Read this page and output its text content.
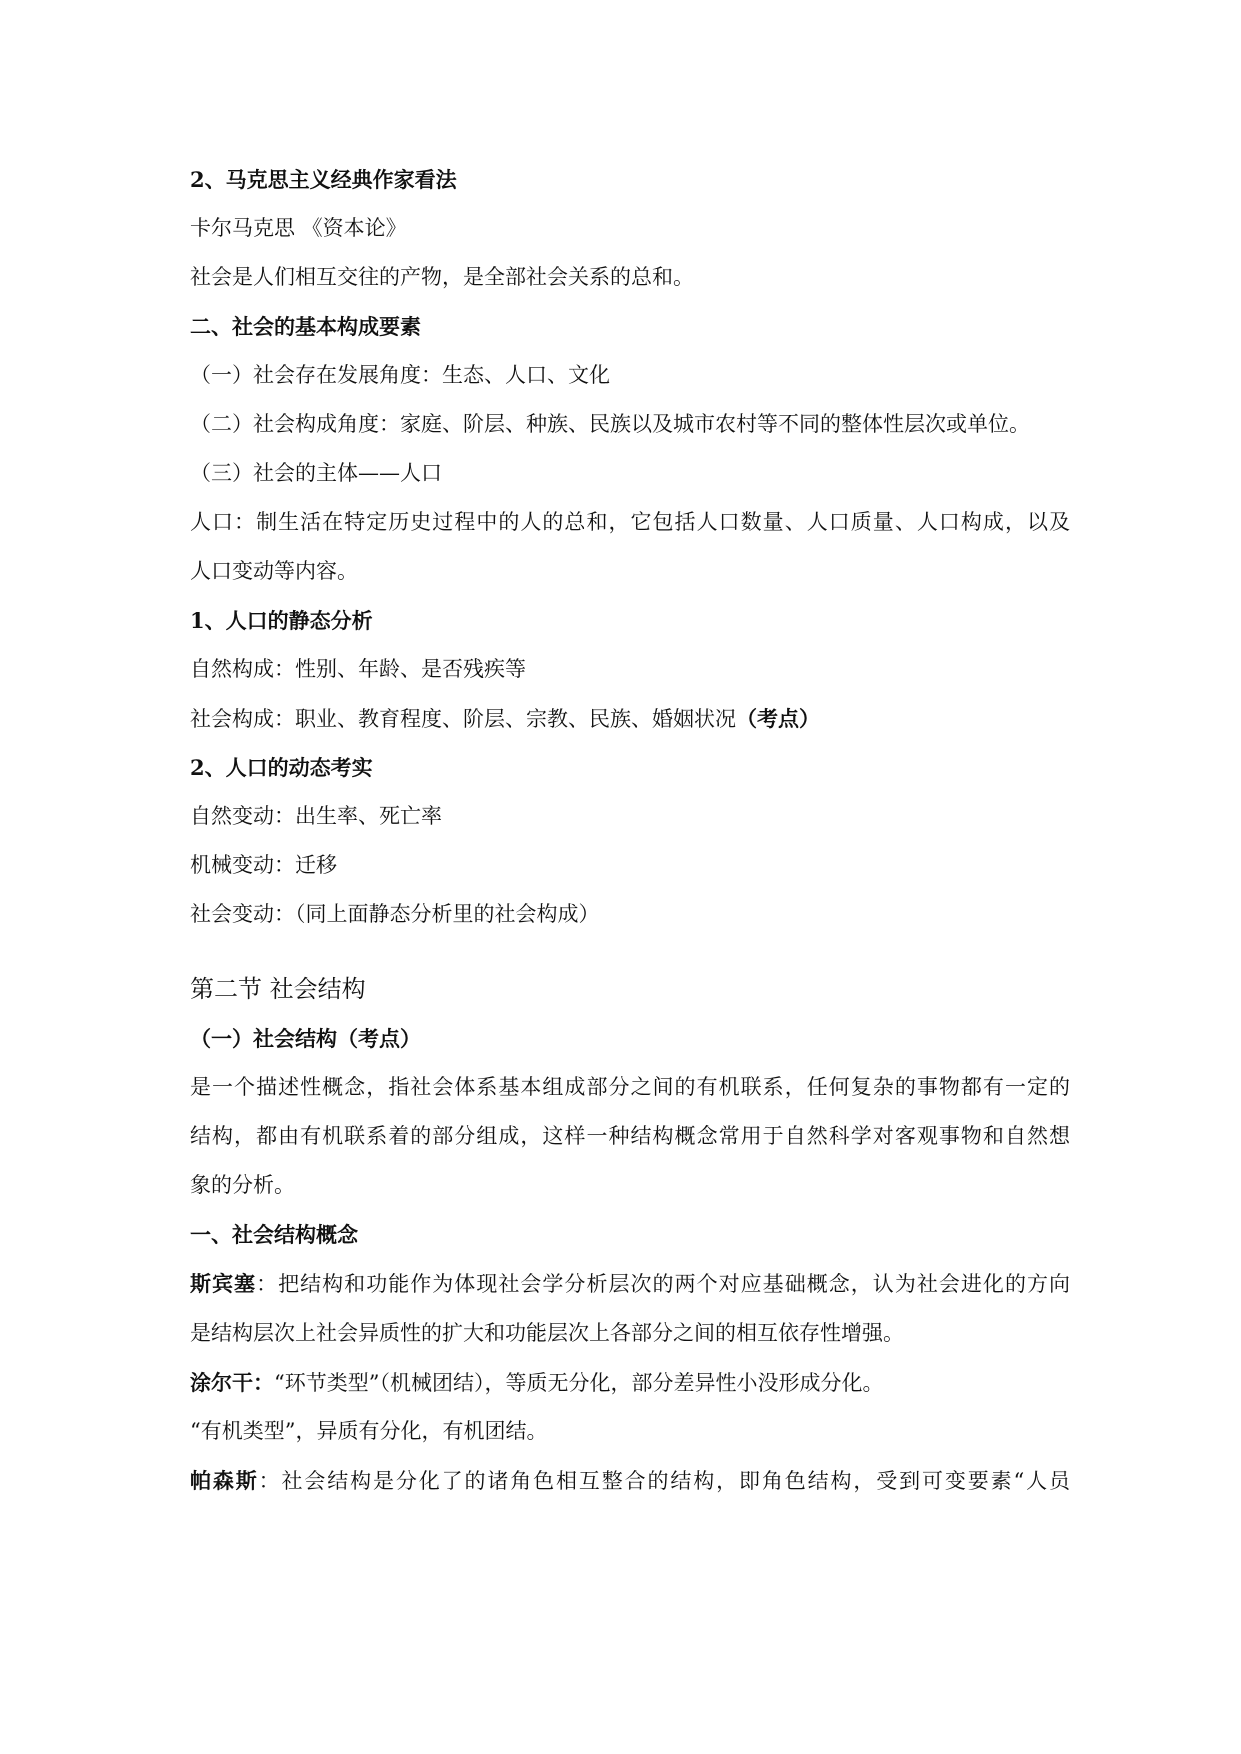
2、马克思主义经典作家看法

卡尔马克思 《资本论》

社会是人们相互交往的产物，是全部社会关系的总和。

二、社会的基本构成要素

（一）社会存在发展角度：生态、人口、文化

（二）社会构成角度：家庭、阶层、种族、民族以及城市农村等不同的整体性层次或单位。

（三）社会的主体——人口

人口：制生活在特定历史过程中的人的总和，它包括人口数量、人口质量、人口构成，以及

人口变动等内容。

1、人口的静态分析

自然构成：性别、年龄、是否残疾等

社会构成：职业、教育程度、阶层、宗教、民族、婚姻状况（考点）

2、人口的动态考实

自然变动：出生率、死亡率

机械变动：迁移

社会变动：（同上面静态分析里的社会构成）

第二节 社会结构

（一）社会结构（考点）

是一个描述性概念，指社会体系基本组成部分之间的有机联系，任何复杂的事物都有一定的

结构，都由有机联系着的部分组成，这样一种结构概念常用于自然科学对客观事物和自然想

象的分析。

一、社会结构概念

斯宾塞：把结构和功能作为体现社会学分析层次的两个对应基础概念，认为社会进化的方向

是结构层次上社会异质性的扩大和功能层次上各部分之间的相互依存性增强。

涂尔干：“环节类型”（机械团结），等质无分化，部分差异性小没形成分化。

“有机类型”，异质有分化，有机团结。

帕森斯：社会结构是分化了的诸角色相互整合的结构，即角色结构，受到可变要素“人员
